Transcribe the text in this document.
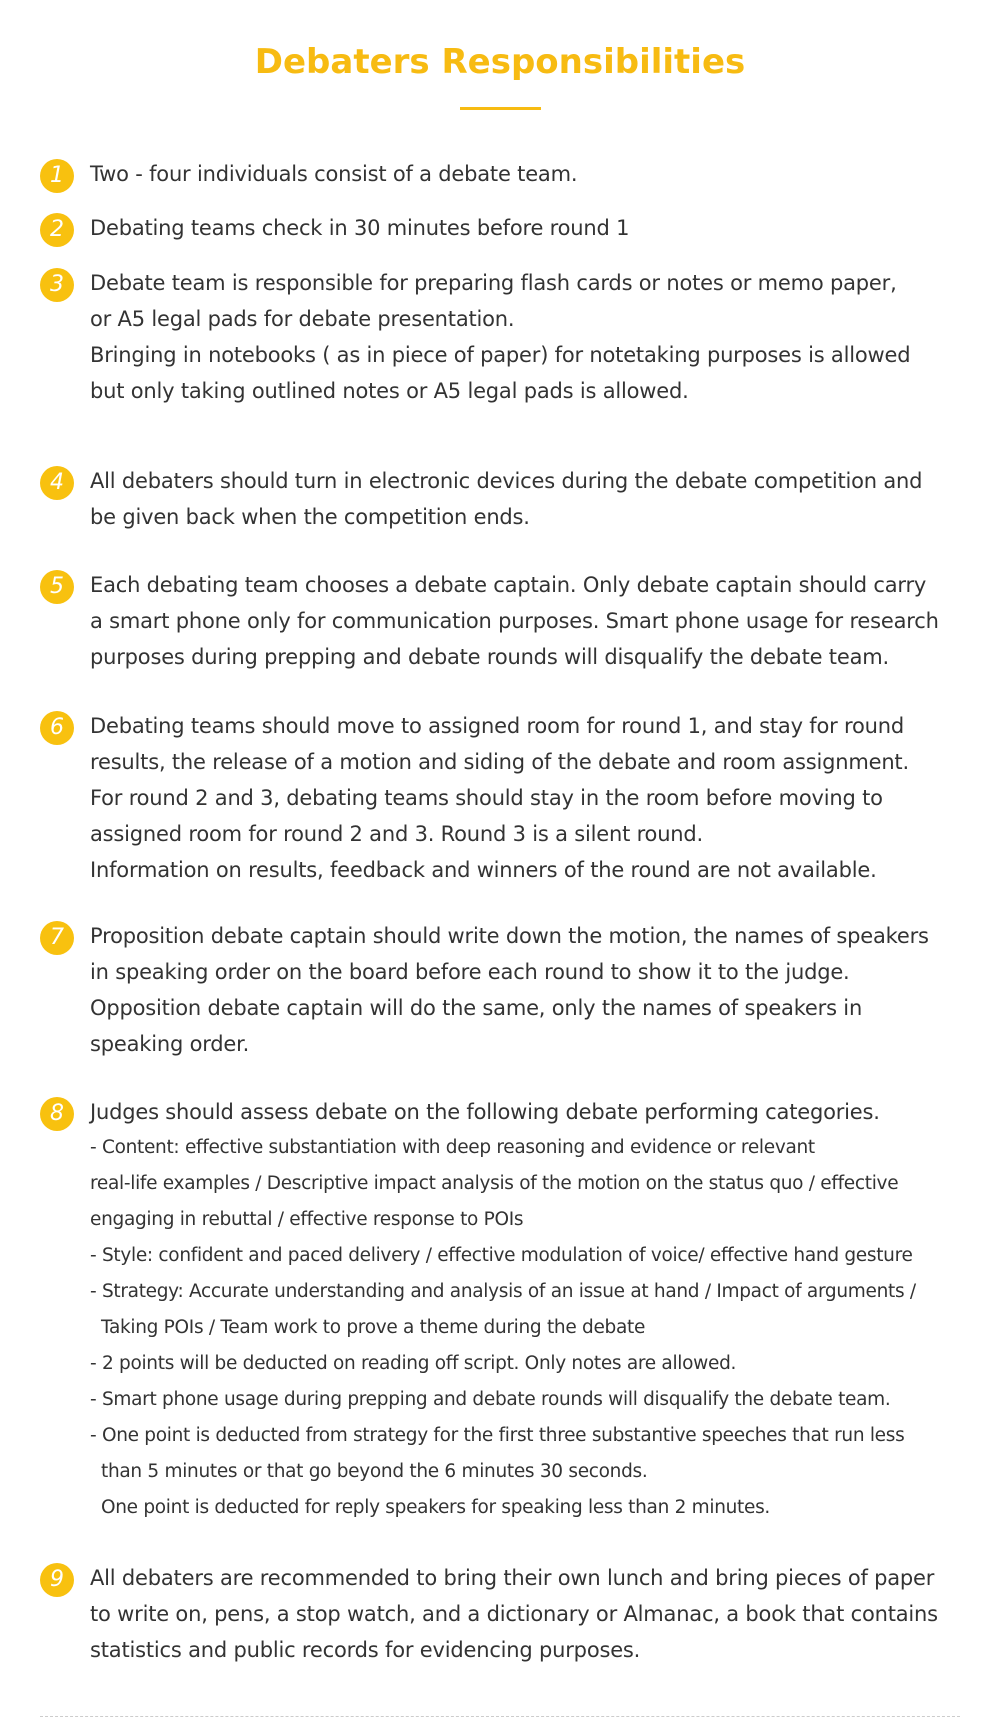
Debaters Responsibilities
1	Two - four individuals consist of a debate team.
2	Debating teams check in 30 minutes before round 1
3	Debate team is responsible for preparing flash cards or notes or memo paper,
or A5 legal pads for debate presentation.
Bringing in notebooks ( as in piece of paper) for notetaking purposes is allowed
but only taking outlined notes or A5 legal pads is allowed.
4	All debaters should turn in electronic devices during the debate competition and
be given back when the competition ends.
5	Each debating team chooses a debate captain. Only debate captain should carry
a smart phone only for communication purposes. Smart phone usage for research
purposes during prepping and debate rounds will disqualify the debate team.
6	Debating teams should move to assigned room for round 1, and stay for round
results, the release of a motion and siding of the debate and room assignment.
For round 2 and 3, debating teams should stay in the room before moving to
assigned room for round 2 and 3. Round 3 is a silent round.
Information on results, feedback and winners of the round are not available.
7	Proposition debate captain should write down the motion, the names of speakers
in speaking order on the board before each round to show it to the judge.
Opposition debate captain will do the same, only the names of speakers in
speaking order.
8	Judges should assess debate on the following debate performing categories.
- Content: effective substantiation with deep reasoning and evidence or relevant
real-life examples / Descriptive impact analysis of the motion on the status quo / effective
engaging in rebuttal / effective response to POIs
- Style: confident and paced delivery / effective modulation of voice/ effective hand gesture
- Strategy: Accurate understanding and analysis of an issue at hand / Impact of arguments /
Taking POIs / Team work to prove a theme during the debate
- 2 points will be deducted on reading off script. Only notes are allowed.
- Smart phone usage during prepping and debate rounds will disqualify the debate team.
- One point is deducted from strategy for the first three substantive speeches that run less
than 5 minutes or that go beyond the 6 minutes 30 seconds.
One point is deducted for reply speakers for speaking less than 2 minutes.
9	All debaters are recommended to bring their own lunch and bring pieces of paper
to write on, pens, a stop watch, and a dictionary or Almanac, a book that contains
statistics and public records for evidencing purposes.
